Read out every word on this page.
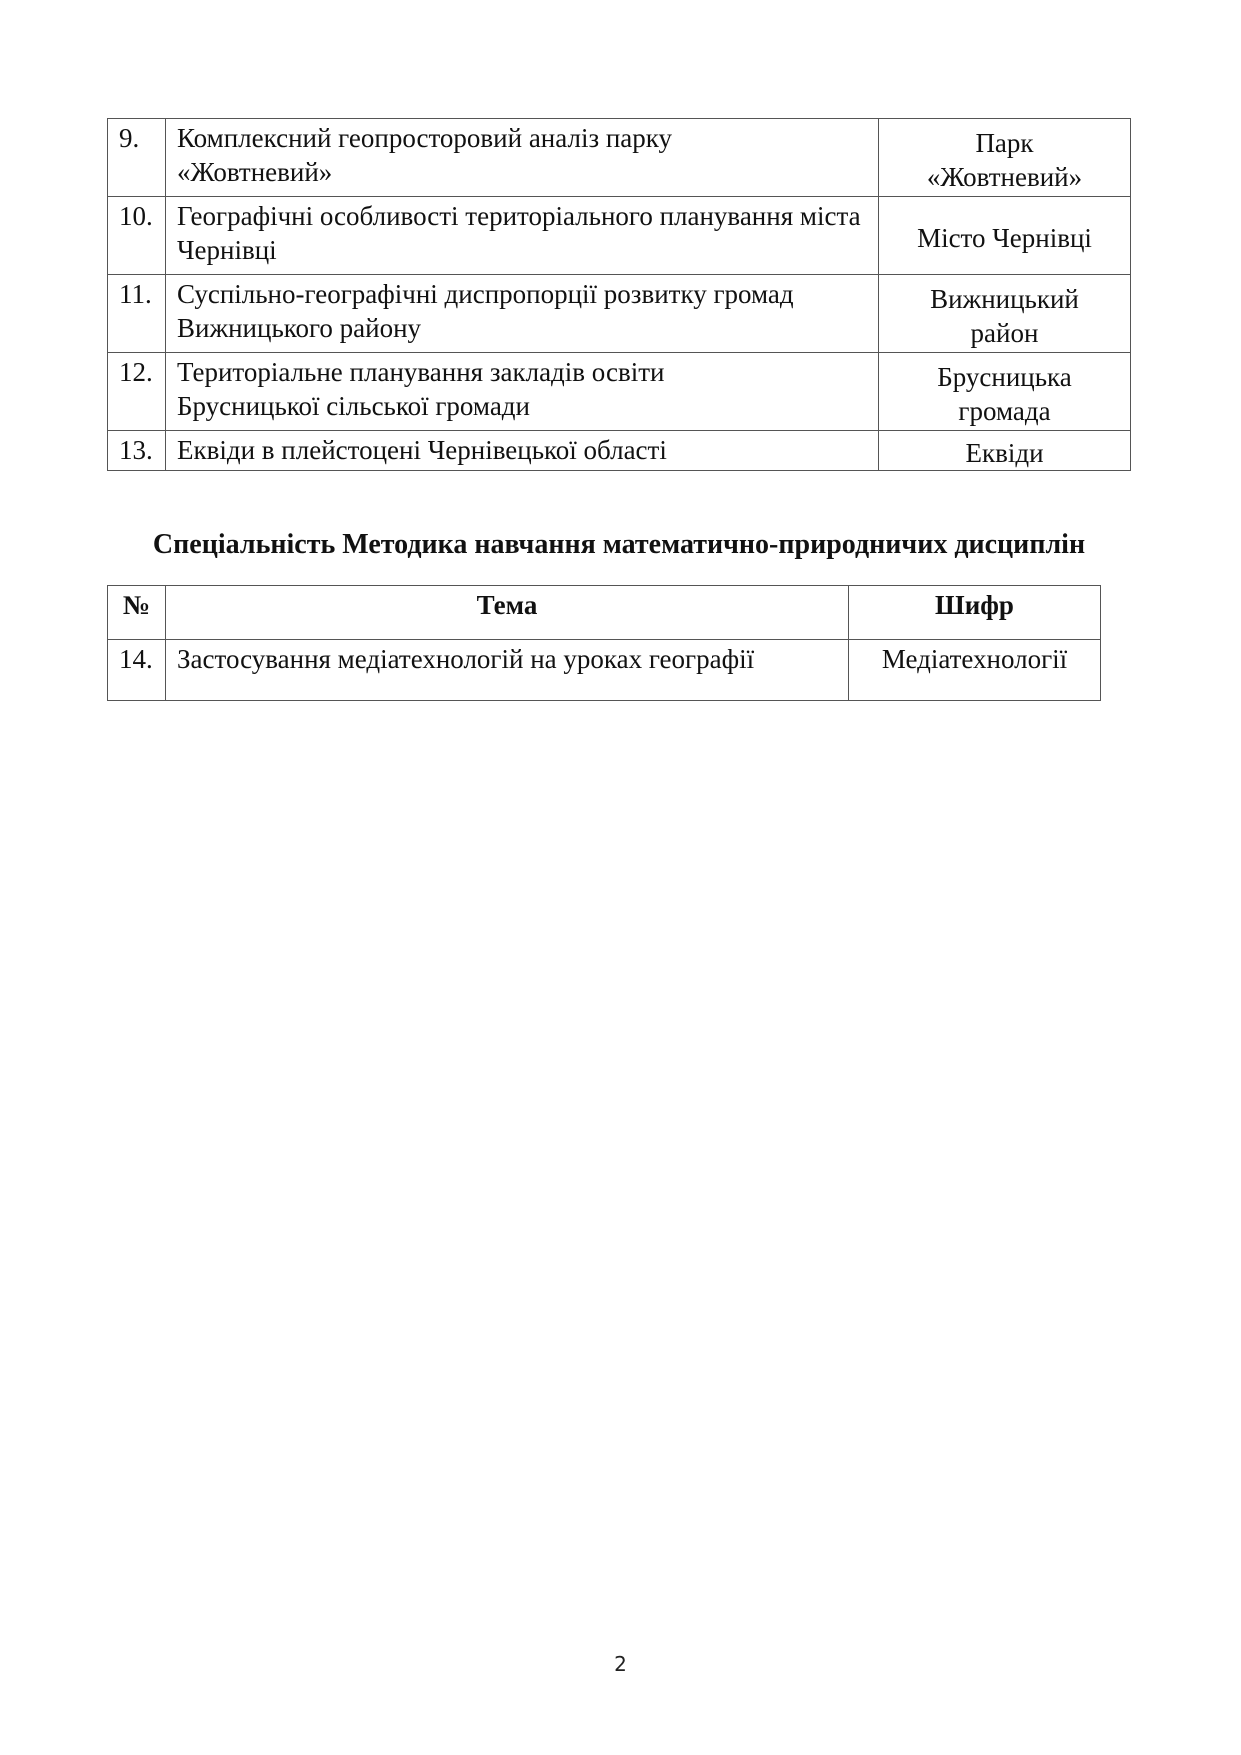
9.	Комплексний геопросторовий аналіз парку «Жовтневий»	Парк «Жовтневий»
10.	Географічні особливості територіального планування міста Чернівці	Місто Чернівці
11.	Суспільно-географічні диспропорції розвитку громад Вижницького району	Вижницький район
12.	Територіальне планування закладів освіти Брусницької сільської громади	Брусницька громада
13.	Еквіди в плейстоцені Чернівецької області	Еквіди
Спеціальність Методика навчання математично-природничих дисциплін
№	Тема	Шифр
14.	Застосування медіатехнологій на уроках географії	Медіатехнології
2
